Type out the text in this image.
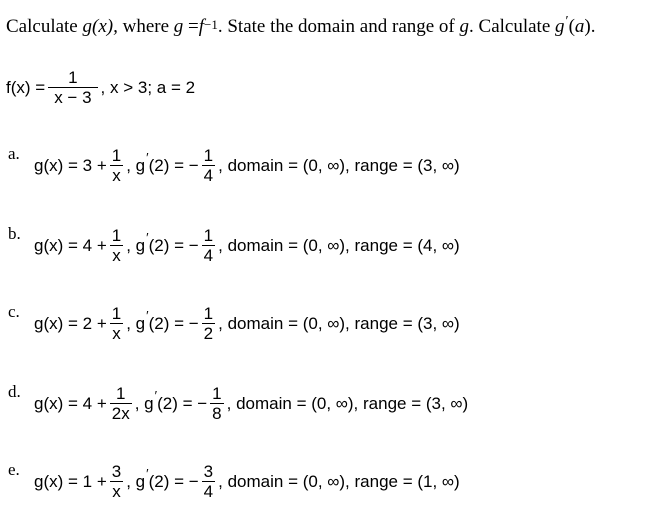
Calculate g(x), where $g =f^{-1}$. State the domain and range of g. Calculate g′(a).
$f(x) = \frac{1}{x - 3}$ , x > 3; a = 2
a.
$g(x) = 3 + \frac{1}{x}$ , g ′ (2) = − $\frac{1}{4}$ , domain = (0, ∞), range = (3, ∞)
b.
$g(x) = 4 + \frac{1}{x}$ , g ′ (2) = − $\frac{1}{4}$ , domain = (0, ∞), range = (4, ∞)
c.
$g(x) = 2 + \frac{1}{x}$ , g ′ (2) = − $\frac{1}{2}$ , domain = (0, ∞), range = (3, ∞)
d.
$g(x) = 4 + \frac{1}{2x}$ , g ′ (2) = − $\frac{1}{8}$ , domain = (0, ∞), range = (3, ∞)
e.
$g(x) = 1 + \frac{3}{x}$ , g ′ (2) = − $\frac{3}{4}$ , domain = (0, ∞), range = (1, ∞)
